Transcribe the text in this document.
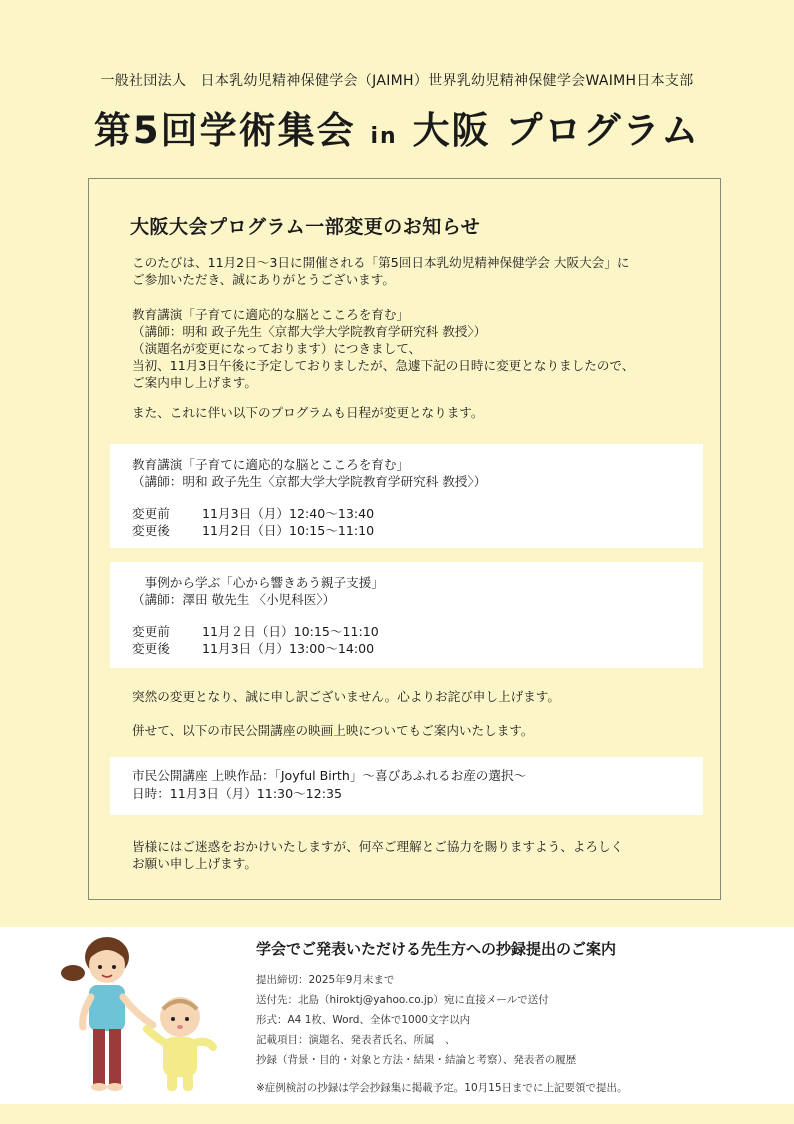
一般社団法人　日本乳幼児精神保健学会（JAIMH）世界乳幼児精神保健学会WAIMH日本支部
第5回学術集会 in 大阪 プログラム
大阪大会プログラム一部変更のお知らせ
このたびは、11月2日〜3日に開催される「第5回日本乳幼児精神保健学会 大阪大会」に
ご参加いただき、誠にありがとうございます。
教育講演「子育てに適応的な脳とこころを育む」
（講師：明和 政子先生〈京都大学大学院教育学研究科 教授〉）
（演題名が変更になっております）につきまして、
当初、11月3日午後に予定しておりましたが、急遽下記の日時に変更となりましたので、
ご案内申し上げます。
また、これに伴い以下のプログラムも日程が変更となります。
教育講演「子育てに適応的な脳とこころを育む」
（講師：明和 政子先生〈京都大学大学院教育学研究科 教授〉）
変更前	11月3日（月）12:40〜13:40
変更後	11月2日（日）10:15〜11:10
　事例から学ぶ「心から響きあう親子支援」
（講師：澤田 敬先生 〈小児科医〉）
変更前	11月２日（日）10:15〜11:10
変更後	11月3日（月）13:00〜14:00
突然の変更となり、誠に申し訳ございません。心よりお詫び申し上げます。
併せて、以下の市民公開講座の映画上映についてもご案内いたします。
市民公開講座 上映作品：「Joyful Birth」〜喜びあふれるお産の選択〜
日時：11月3日（月）11:30〜12:35
皆様にはご迷惑をおかけいたしますが、何卒ご理解とご協力を賜りますよう、よろしく
お願い申し上げます。
学会でご発表いただける先生方への抄録提出のご案内
提出締切：2025年9月末まで
送付先：北島（hiroktj@yahoo.co.jp）宛に直接メールで送付
形式：A4 1枚、Word、全体で1000文字以内
記載項目：演題名、発表者氏名、所属　、
抄録（背景・目的・対象と方法・結果・結論と考察）、発表者の履歴
※症例検討の抄録は学会抄録集に掲載予定。10月15日までに上記要領で提出。
